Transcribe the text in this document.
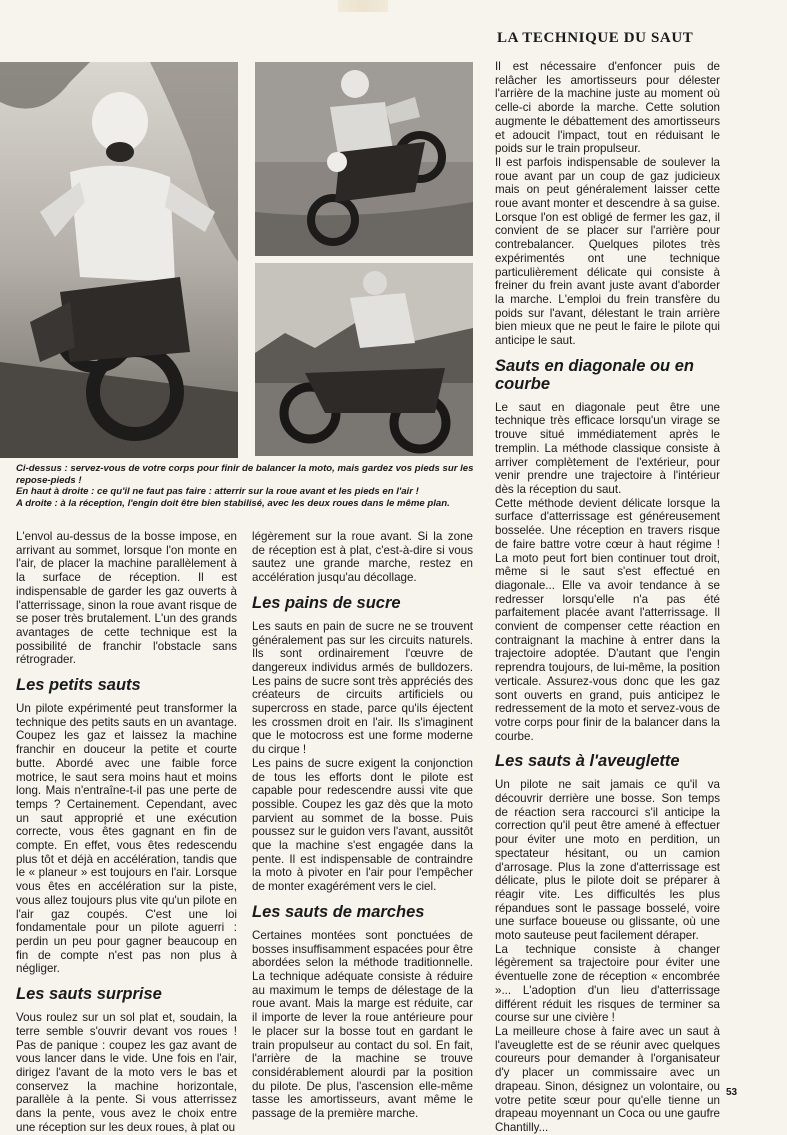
LA TECHNIQUE DU SAUT
Ci-dessus : servez-vous de votre corps pour finir de balancer la moto, mais gardez vos pieds sur les repose-pieds !
En haut à droite : ce qu'il ne faut pas faire : atterrir sur la roue avant et les pieds en l'air !
A droite : à la réception, l'engin doit être bien stabilisé, avec les deux roues dans le même plan.

L'envol au-dessus de la bosse impose, en arrivant au sommet, lorsque l'on monte en l'air, de placer la machine parallèlement à la surface de réception. Il est indispensable de garder les gaz ouverts à l'atterrissage, sinon la roue avant risque de se poser très brutalement. L'un des grands avantages de cette technique est la possibilité de franchir l'obstacle sans rétrograder.

Les petits sauts

Un pilote expérimenté peut transformer la technique des petits sauts en un avantage. Coupez les gaz et laissez la machine franchir en douceur la petite et courte butte. Abordé avec une faible force motrice, le saut sera moins haut et moins long. Mais n'entraîne-t-il pas une perte de temps ? Certainement. Cependant, avec un saut approprié et une exécution correcte, vous êtes gagnant en fin de compte. En effet, vous êtes redescendu plus tôt et déjà en accélération, tandis que le « planeur » est toujours en l'air. Lorsque vous êtes en accélération sur la piste, vous allez toujours plus vite qu'un pilote en l'air gaz coupés. C'est une loi fondamentale pour un pilote aguerri : perdin un peu pour gagner beaucoup en fin de compte n'est pas non plus à négliger.

Les sauts surprise

Vous roulez sur un sol plat et, soudain, la terre semble s'ouvrir devant vos roues ! Pas de panique : coupez les gaz avant de vous lancer dans le vide. Une fois en l'air, dirigez l'avant de la moto vers le bas et conservez la machine horizontale, parallèle à la pente. Si vous atterrissez dans la pente, vous avez le choix entre une réception sur les deux roues, à plat ou

légèrement sur la roue avant. Si la zone de réception est à plat, c'est-à-dire si vous sautez une grande marche, restez en accélération jusqu'au décollage.

Les pains de sucre

Les sauts en pain de sucre ne se trouvent généralement pas sur les circuits naturels. Ils sont ordinairement l'œuvre de dangereux individus armés de bulldozers. Les pains de sucre sont très appréciés des créateurs de circuits artificiels ou supercross en stade, parce qu'ils éjectent les crossmen droit en l'air. Ils s'imaginent que le motocross est une forme moderne du cirque !

Les pains de sucre exigent la conjonction de tous les efforts dont le pilote est capable pour redescendre aussi vite que possible. Coupez les gaz dès que la moto parvient au sommet de la bosse. Puis poussez sur le guidon vers l'avant, aussitôt que la machine s'est engagée dans la pente. Il est indispensable de contraindre la moto à pivoter en l'air pour l'empêcher de monter exagérément vers le ciel.

Les sauts de marches

Certaines montées sont ponctuées de bosses insuffisamment espacées pour être abordées selon la méthode traditionnelle. La technique adéquate consiste à réduire au maximum le temps de délestage de la roue avant. Mais la marge est réduite, car il importe de lever la roue antérieure pour le placer sur la bosse tout en gardant le train propulseur au contact du sol. En fait, l'arrière de la machine se trouve considérablement alourdi par la position du pilote. De plus, l'ascension elle-même tasse les amortisseurs, avant même le passage de la première marche.

Il est nécessaire d'enfoncer puis de relâcher les amortisseurs pour délester l'arrière de la machine juste au moment où celle-ci aborde la marche. Cette solution augmente le débattement des amortisseurs et adoucit l'impact, tout en réduisant le poids sur le train propulseur.

Il est parfois indispensable de soulever la roue avant par un coup de gaz judicieux mais on peut généralement laisser cette roue avant monter et descendre à sa guise. Lorsque l'on est obligé de fermer les gaz, il convient de se placer sur l'arrière pour contrebalancer. Quelques pilotes très expérimentés ont une technique particulièrement délicate qui consiste à freiner du frein avant juste avant d'aborder la marche. L'emploi du frein transfère du poids sur l'avant, délestant le train arrière bien mieux que ne peut le faire le pilote qui anticipe le saut.

Sauts en diagonale ou en courbe

Le saut en diagonale peut être une technique très efficace lorsqu'un virage se trouve situé immédiatement après le tremplin. La méthode classique consiste à arriver complètement de l'extérieur, pour venir prendre une trajectoire à l'intérieur dès la réception du saut.

Cette méthode devient délicate lorsque la surface d'atterrissage est généreusement bosselée. Une réception en travers risque de faire battre votre cœur à haut régime ! La moto peut fort bien continuer tout droit, même si le saut s'est effectué en diagonale... Elle va avoir tendance à se redresser lorsqu'elle n'a pas été parfaitement placée avant l'atterrissage. Il convient de compenser cette réaction en contraignant la machine à entrer dans la trajectoire adoptée. D'autant que l'engin reprendra toujours, de lui-même, la position verticale. Assurez-vous donc que les gaz sont ouverts en grand, puis anticipez le redressement de la moto et servez-vous de votre corps pour finir de la balancer dans la courbe.

Les sauts à l'aveuglette

Un pilote ne sait jamais ce qu'il va découvrir derrière une bosse. Son temps de réaction sera raccourci s'il anticipe la correction qu'il peut être amené à effectuer pour éviter une moto en perdition, un spectateur hésitant, ou un camion d'arrosage. Plus la zone d'atterrissage est délicate, plus le pilote doit se préparer à réagir vite. Les difficultés les plus répandues sont le passage bosselé, voire une surface boueuse ou glissante, où une moto sauteuse peut facilement déraper.

La technique consiste à changer légèrement sa trajectoire pour éviter une éventuelle zone de réception « encombrée »... L'adoption d'un lieu d'atterrissage différent réduit les risques de terminer sa course sur une civière !

La meilleure chose à faire avec un saut à l'aveuglette est de se réunir avec quelques coureurs pour demander à l'organisateur d'y placer un commissaire avec un drapeau. Sinon, désignez un volontaire, ou votre petite sœur pour qu'elle tienne un drapeau moyennant un Coca ou une gaufre Chantilly...

53
